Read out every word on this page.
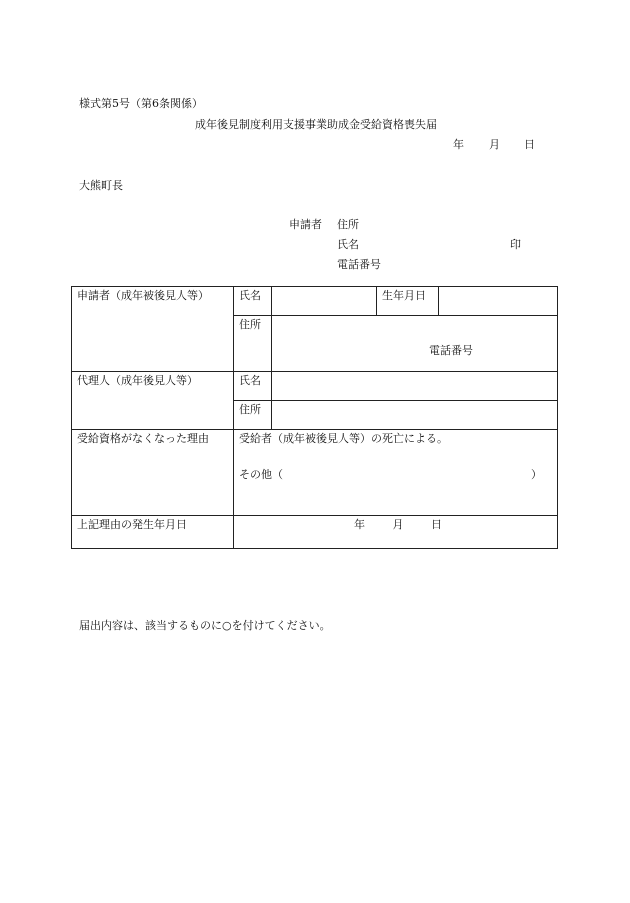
様式第5号（第6条関係）
成年後見制度利用支援事業助成金受給資格喪失届
年 月 日
大熊町長
申請者 住所
氏名	印
電話番号
申請者（成年被後見人等）	氏名		生年月日	
	住所	電話番号		

代理人（成年後見人等）	氏名			
	住所			
受給資格がなくなった理由	受給者（成年被後見人等）の死亡による。
その他（ ）			

上記理由の発生年月日	年 月 日			
届出内容は、該当するものに○を付けてください。
